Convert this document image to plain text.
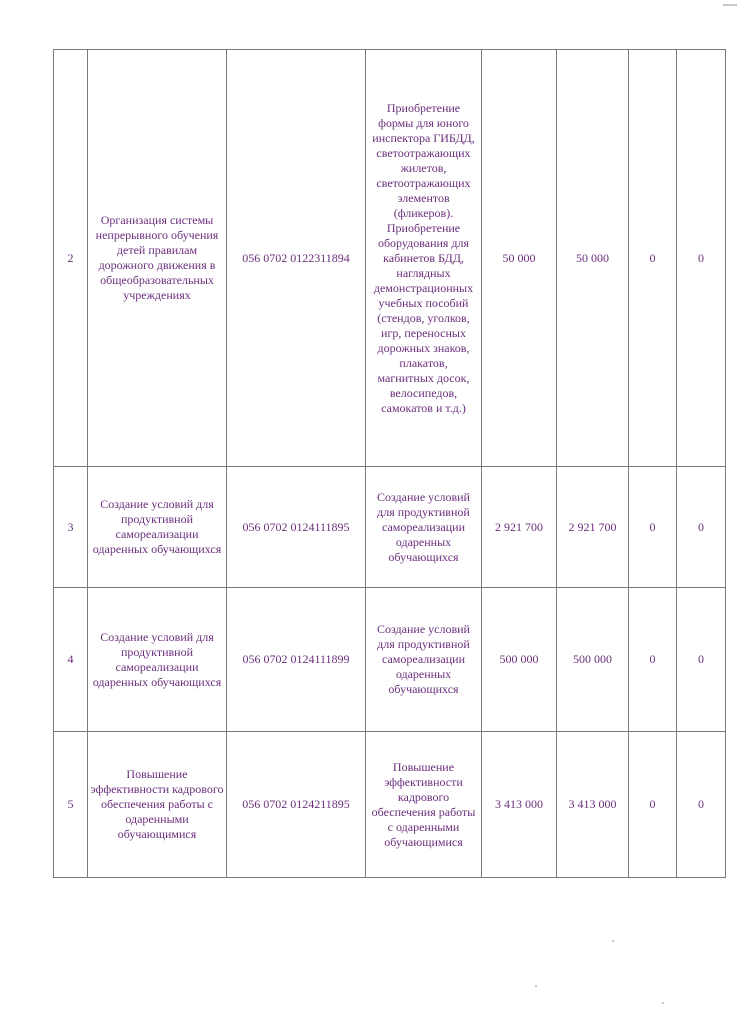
2	Организация системы непрерывного обучения детей правилам дорожного движения в общеобразовательных учреждениях	056 0702 0122311894	Приобретение формы для юного инспектора ГИБДД, светоотражающих жилетов, светоотражающих элементов (фликеров). Приобретение оборудования для кабинетов БДД, наглядных демонстрационных учебных пособий (стендов, уголков, игр, переносных дорожных знаков, плакатов, магнитных досок, велосипедов, самокатов и т.д.)	50 000	50 000	0	0
3	Создание условий для продуктивной самореализации одаренных обучающихся	056 0702 0124111895	Создание условий для продуктивной самореализации одаренных обучающихся	2 921 700	2 921 700	0	0
4	Создание условий для продуктивной самореализации одаренных обучающихся	056 0702 0124111899	Создание условий для продуктивной самореализации одаренных обучающихся	500 000	500 000	0	0
5	Повышение эффективности кадрового обеспечения работы с одаренными обучающимися	056 0702 0124211895	Повышение эффективности кадрового обеспечения работы с одаренными обучающимися	3 413 000	3 413 000	0	0
